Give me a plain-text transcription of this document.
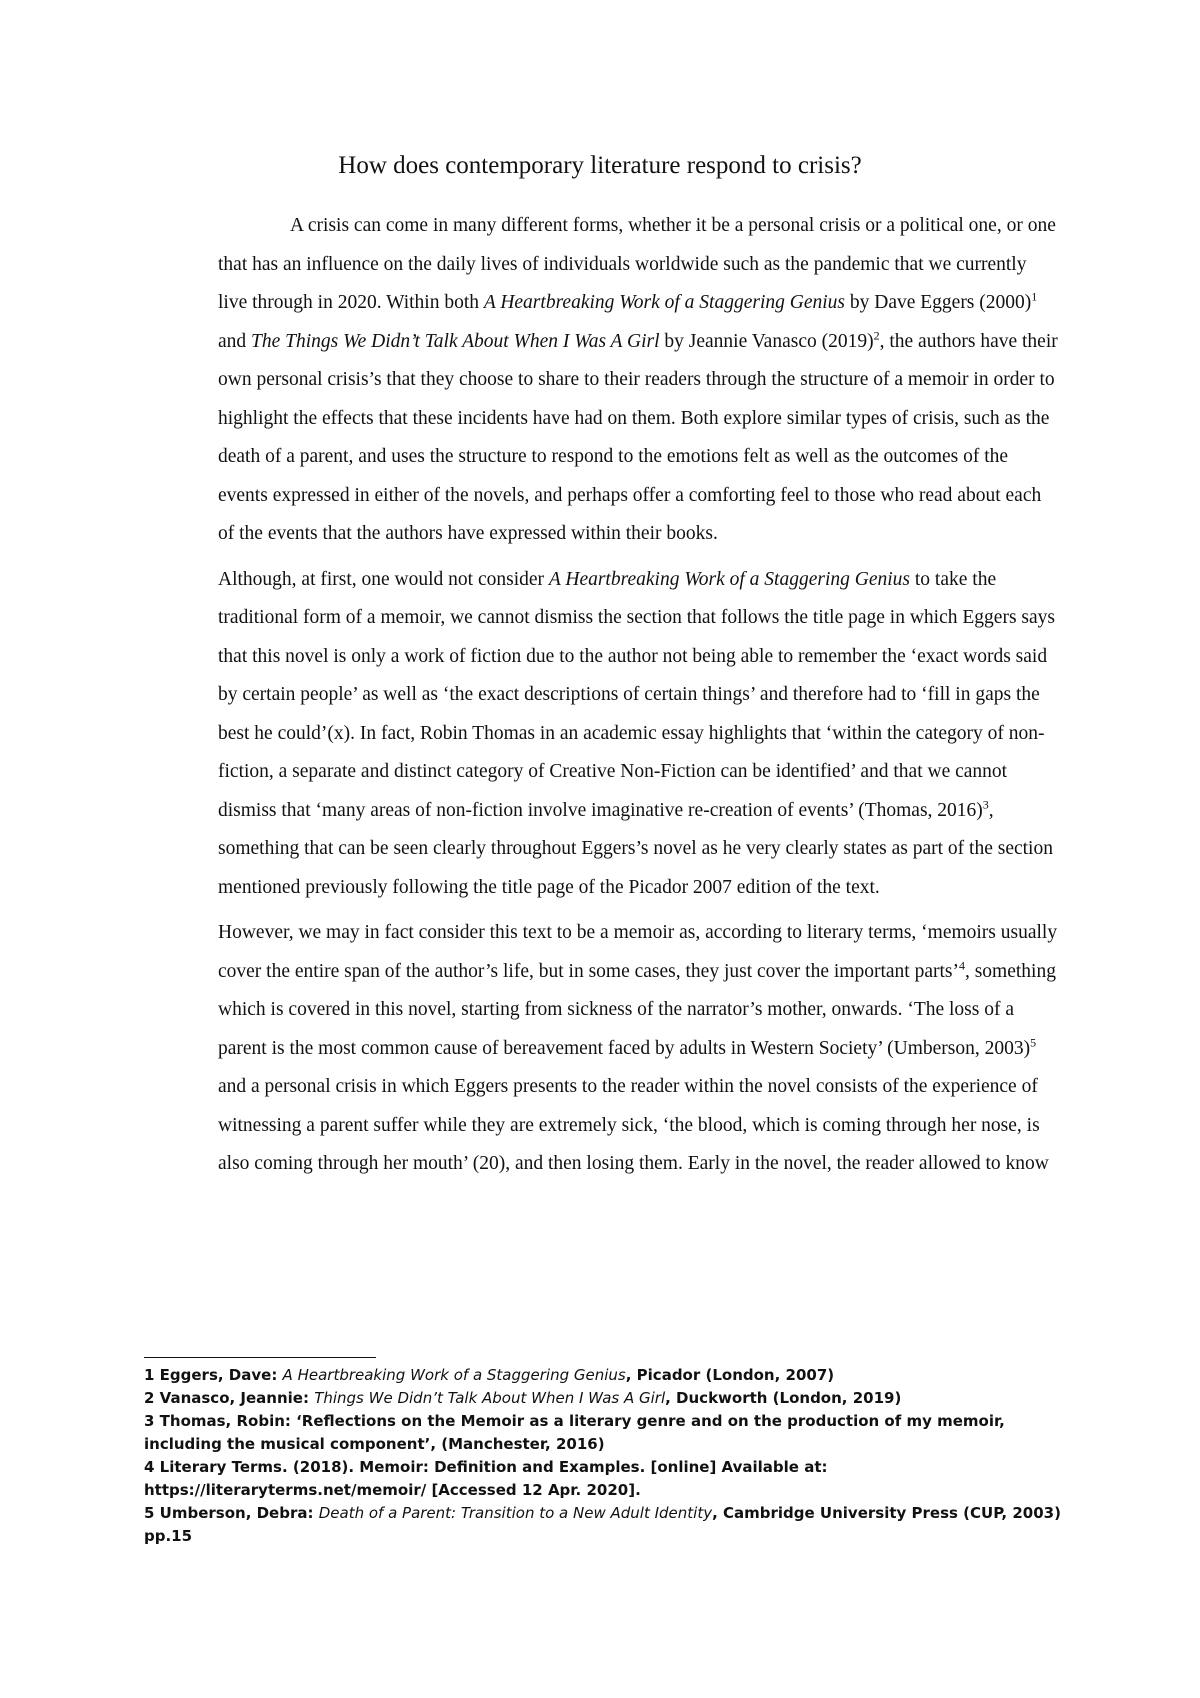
How does contemporary literature respond to crisis?

A crisis can come in many different forms, whether it be a personal crisis or a political one, or one that has an influence on the daily lives of individuals worldwide such as the pandemic that we currently live through in 2020. Within both A Heartbreaking Work of a Staggering Genius by Dave Eggers $(2000)^1$ and The Things We Didn’t Talk About When I Was A Girl by Jeannie Vanasco $(2019)^2$, the authors have their own personal crisis’s that they choose to share to their readers through the structure of a memoir in order to highlight the effects that these incidents have had on them. Both explore similar types of crisis, such as the death of a parent, and uses the structure to respond to the emotions felt as well as the outcomes of the events expressed in either of the novels, and perhaps offer a comforting feel to those who read about each of the events that the authors have expressed within their books.

Although, at first, one would not consider A Heartbreaking Work of a Staggering Genius to take the traditional form of a memoir, we cannot dismiss the section that follows the title page in which Eggers says that this novel is only a work of fiction due to the author not being able to remember the ‘exact words said by certain people’ as well as ‘the exact descriptions of certain things’ and therefore had to ‘fill in gaps the best he could’(x). In fact, Robin Thomas in an academic essay highlights that ‘within the category of non-fiction, a separate and distinct category of Creative Non-Fiction can be identified’ and that we cannot dismiss that ‘many areas of non-fiction involve imaginative re-creation of events’ (Thomas, 2016)$^3$, something that can be seen clearly throughout Eggers’s novel as he very clearly states as part of the section mentioned previously following the title page of the Picador 2007 edition of the text.

However, we may in fact consider this text to be a memoir as, according to literary terms, ‘memoirs usually cover the entire span of the author’s life, but in some cases, they just cover the important parts’$^4$, something which is covered in this novel, starting from sickness of the narrator’s mother, onwards. ‘The loss of a parent is the most common cause of bereavement faced by adults in Western Society’ (Umberson, 2003)$^5$ and a personal crisis in which Eggers presents to the reader within the novel consists of the experience of witnessing a parent suffer while they are extremely sick, ‘the blood, which is coming through her nose, is also coming through her mouth’ (20), and then losing them. Early in the novel, the reader allowed to know

1 Eggers, Dave: A Heartbreaking Work of a Staggering Genius, Picador (London, 2007)

2 Vanasco, Jeannie: Things We Didn’t Talk About When I Was A Girl, Duckworth (London, 2019)

3 Thomas, Robin: ‘Reflections on the Memoir as a literary genre and on the production of my memoir, including the musical component’, (Manchester, 2016)

4 Literary Terms. (2018). Memoir: Definition and Examples. [online] Available at: https://literaryterms.net/memoir/ [Accessed 12 Apr. 2020].

5 Umberson, Debra: Death of a Parent: Transition to a New Adult Identity, Cambridge University Press (CUP, 2003) pp.15
